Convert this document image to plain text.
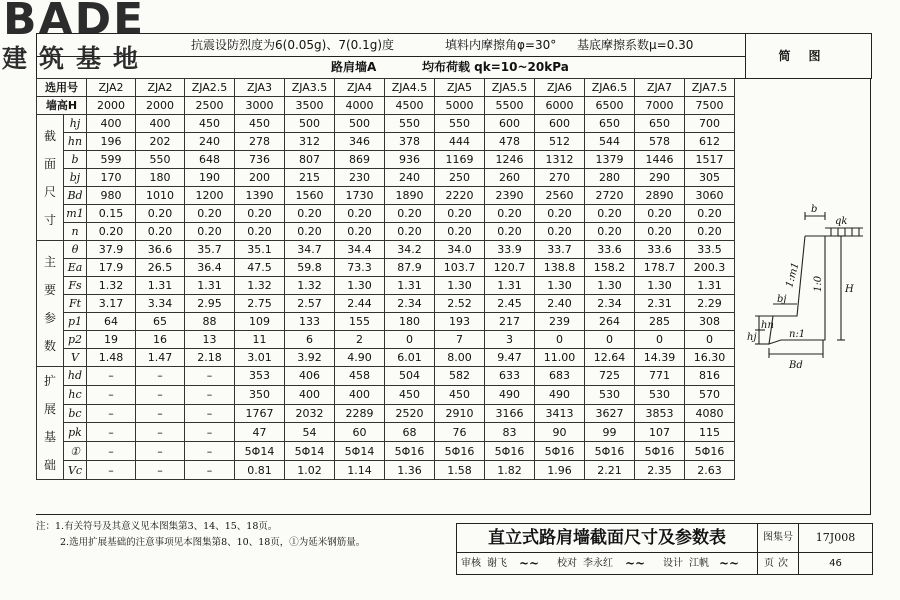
BADE
建筑基地	抗震设防烈度为6(0.05g)、7(0.1g)度	填料内摩擦角φ=30° 基底摩擦系数μ=0.30
路肩墙A	均布荷载 qk=10~20kPa
选用号		ZJA2	ZJA2	ZJA2.5	ZJA3	ZJA3.5	ZJA4	ZJA4.5	ZJA5	ZJA5.5	ZJA6	ZJA6.5	ZJA7	ZJA7.5
墙高H		2000	2000	2500	3000	3500	4000	4500	5000	5500	6000	6500	7000	7500

截
面
尺
寸	hj	400	400	450	450	500	500	550	550	600	600	650	650	700
	hn	196	202	240	278	312	346	378	444	478	512	544	578	612
	b	599	550	648	736	807	869	936	1169	1246	1312	1379	1446	1517
	bj	170	180	190	200	215	230	240	250	260	270	280	290	305
	Bd	980	1010	1200	1390	1560	1730	1890	2220	2390	2560	2720	2890	3060
	m1	0.15	0.20	0.20	0.20	0.20	0.20	0.20	0.20	0.20	0.20	0.20	0.20	0.20
	n	0.20	0.20	0.20	0.20	0.20	0.20	0.20	0.20	0.20	0.20	0.20	0.20	0.20

主
要
参
数	θ	37.9	36.6	35.7	35.1	34.7	34.4	34.2	34.0	33.9	33.7	33.6	33.6	33.5
	Ea	17.9	26.5	36.4	47.5	59.8	73.3	87.9	103.7	120.7	138.8	158.2	178.7	200.3
	Fs	1.32	1.31	1.31	1.32	1.32	1.30	1.31	1.30	1.31	1.30	1.30	1.30	1.31
	Ft	3.17	3.34	2.95	2.75	2.57	2.44	2.34	2.52	2.45	2.40	2.34	2.31	2.29
	p1	64	65	88	109	133	155	180	193	217	239	264	285	308
	p2	19	16	13	11	6	2	0	7	3	0	0	0	0
	V	1.48	1.47	2.18	3.01	3.92	4.90	6.01	8.00	9.47	11.00	12.64	14.39	16.30

扩
展
基
础	hd	–	–	–	353	406	458	504	582	633	683	725	771	816
	hc	–	–	–	350	400	400	450	450	490	490	530	530	570
	bc	–	–	–	1767	2032	2289	2520	2910	3166	3413	3627	3853	4080
	pk	–	–	–	47	54	60	68	76	83	90	99	107	115
	①	–	–	–	5Φ14	5Φ14	5Φ14	5Φ16	5Φ16	5Φ16	5Φ16	5Φ16	5Φ16	5Φ16
	Vc	–	–	–	0.81	1.02	1.14	1.36	1.58	1.82	1.96	2.21	2.35	2.63
简图
b
qk
1:m1 1:0 H
bj
hn
hj	n:1
Bd
注：1.有关符号及其意义见本图集第3、14、15、18页。
2.选用扩展基础的注意事项见本图集第8、10、18页，①为延米钢筋量。	直立式路肩墙截面尺寸及参数表	图集号	17J008
审核 谢飞 ~~ 校对 李永红 ~~ 设计 江帆 ~~	页次	46
